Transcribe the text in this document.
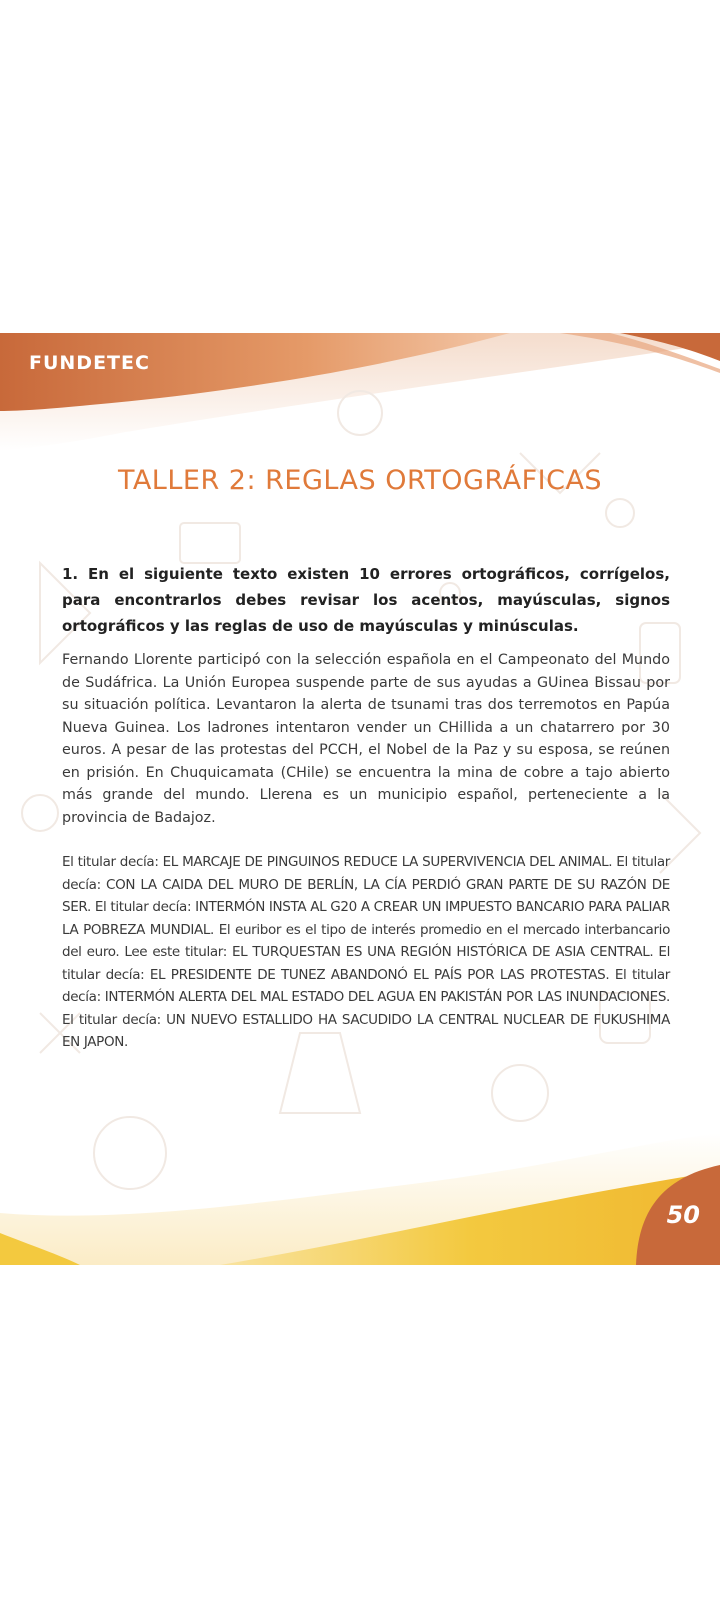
FUNDETEC
TALLER 2: REGLAS ORTOGRÁFICAS
1. En el siguiente texto existen 10 errores ortográficos, corrígelos, para encontrarlos debes revisar los acentos, mayúsculas, signos ortográficos y las reglas de uso de mayúsculas y minúsculas.
Fernando Llorente participó con la selección española en el Campeonato del Mundo de Sudáfrica. La Unión Europea suspende parte de sus ayudas a GUinea Bissau por su situación política. Levantaron la alerta de tsunami tras dos terremotos en Papúa Nueva Guinea. Los ladrones intentaron vender un CHillida a un chatarrero por 30 euros. A pesar de las protestas del PCCH, el Nobel de la Paz y su esposa, se reúnen en prisión. En Chuquicamata (CHile) se encuentra la mina de cobre a tajo abierto más grande del mundo. Llerena es un municipio español, perteneciente a la provincia de Badajoz.
El titular decía: EL MARCAJE DE PINGUINOS REDUCE LA SUPERVIVENCIA DEL ANIMAL. El titular decía: CON LA CAIDA DEL MURO DE BERLÍN, LA CÍA PERDIÓ GRAN PARTE DE SU RAZÓN DE SER. El titular decía: INTERMÓN INSTA AL G20 A CREAR UN IMPUESTO BANCARIO PARA PALIAR LA POBREZA MUNDIAL. El euribor es el tipo de interés promedio en el mercado interbancario del euro. Lee este titular: EL TURQUESTAN ES UNA REGIÓN HISTÓRICA DE ASIA CENTRAL. El titular decía: EL PRESIDENTE DE TUNEZ ABANDONÓ EL PAÍS POR LAS PROTESTAS. El titular decía: INTERMÓN ALERTA DEL MAL ESTADO DEL AGUA EN PAKISTÁN POR LAS INUNDACIONES. El titular decía: UN NUEVO ESTALLIDO HA SACUDIDO LA CENTRAL NUCLEAR DE FUKUSHIMA EN JAPON.
50
